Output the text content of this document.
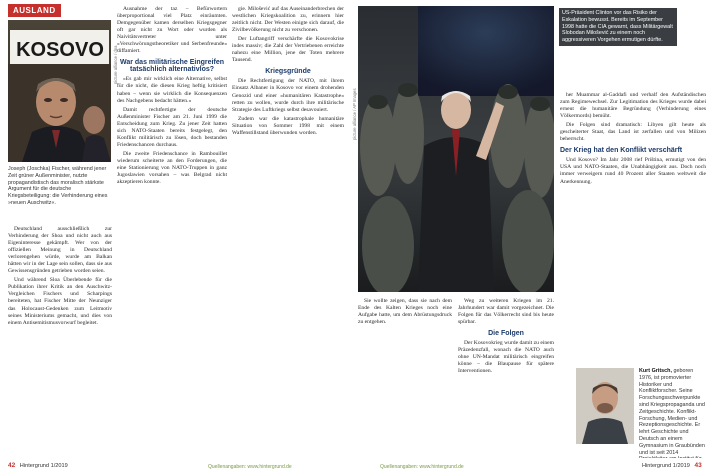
AUSLAND
KOSOVO picture alliance / dpa
Joseph (Joschka) Fischer, während jener Zeit grüner Außenminister, nutzte propagandistisch das moralisch stärkste Argument für die deutsche Kriegsbeteiligung: die Verhinderung eines »neuen Auschwitz«.

Deutschland ausschließlich zur Verhinderung der Shoa und nicht auch aus Eigeninteresse gekämpft. Wer von der offiziellen Meinung in Deutschland verlorengehen würde, wurde am Balkan hätten wir in der Lage sein sollen, dass sie aus Gewissensgründen getrieben worden seien.

Und während Sloa Überlebende für die Publikation ihrer Kritik an den Auschwitz-Vergleichen Fischers und Scharpings bereiteten, hat Fischer Mitte der Neunziger das Holocaust-Gedenken zum Leitmotiv seines Ministeriums gemacht, und dies von einem Antisemitismusvorwurf begleitet.

Ausnahme der taz – Befürwortern überproportional viel Platz einräumten. Demgegenüber kamen derselben Kriegsgegner oft gar nicht zu Wort oder wurden als Naivitätsvertreter unter »Verschwörungstheoretiker und Serbenfreunde« diffamiert.

War das militärische Eingreifen
tatsächlich alternativlos?

»Es gab mir wirklich eine Alternative, selbst für die nicht, die diesen Krieg heftig kritisiert haben – wenn sie wirklich die Konsequenzen des Nachgebens bedacht hätten.«

Damit rechtfertigte der deutsche Außenminister Fischer am 21. Juni 1999 die Entscheidung zum Krieg. Zu jener Zeit hatten sich NATO-Staaten bereits festgelegt, den Konflikt militärisch zu lösen, doch bestanden Friedenschancen durchaus.

Die zweite Friedenschance in Rambouillet wiederum scheiterte an den Forderungen, die eine Stationierung von NATO-Truppen in ganz Jugoslawien vorsahen – was Belgrad nicht akzeptieren konnte.

gie. Milošević auf das Auseinanderbrechen der westlichen Kriegskoalition zu, erinnern hier zeitlich nicht. Der Westen einigte sich darauf, die Zivilbevölkerung nicht zu verschonen.

Der Luftangriff verschärfte die Kosovokrise indes massiv; die Zahl der Vertriebenen erreichte nahezu eine Million, jene der Toten mehrere Tausend.

Kriegsgründe

Die Rechtfertigung der NATO, mit ihrem Einsatz Albaner in Kosovo vor einem drohenden Genozid und einer »humanitären Katastrophe« retten zu wollen, wurde durch ihre militärische Strategie des Luftkriegs selbst desavouiert.

Zudem war die katastrophale humanitäre Situation von Sommer 1998 mit einem Waffenstillstand überwunden worden.	picture alliance / AP Images
US-Präsident Clinton vor das Risiko der Eskalation bewusst. Bereits im September 1998 hatte die CIA gewarnt, dass Militärgewalt Slobodan Milošević zu einem noch aggressiveren Vorgehen ermutigen dürfte.

Sie wollte zeigen, dass sie nach dem Ende des Kalten Krieges noch eine Aufgabe hatte, um dem Abrüstungsdruck zu entgehen.

Weg zu weiteren Kriegen im 21. Jahrhundert war damit vorgezeichnet. Die Folgen für das Völkerrecht sind bis heute spürbar.

Die Folgen

Der Kosovokrieg wurde damit zu einem Präzedenzfall, wonach die NATO auch ohne UN-Mandat militärisch eingreifen könne – die Blaupause für spätere Interventionen.

her Muammar al-Gaddafi und verhalf den Aufständischen zum Regimewechsel. Zur Legitimation des Krieges wurde dabei erneut die humanitäre Begründung (Verhinderung eines Völkermords) bemüht.

Die Folgen sind dramatisch: Libyen gilt heute als gescheiterter Staat, das Land ist zerfallen und von Milizen beherrscht.

Der Krieg hat den Konflikt verschärft

Und Kosovo? Im Jahr 2008 rief Priština, ermutigt von den USA und NATO-Staaten, die Unabhängigkeit aus. Doch noch immer verweigern rund 40 Prozent aller Staaten weltweit die Anerkennung.

Kurt Gritsch, geboren 1976, ist promovierter Historiker und Konfliktforscher. Seine Forschungsschwerpunkte sind Kriegspropaganda und Zeitgeschichte. Konflikt-Forschung, Medien- und Rezeptionsgeschichte. Er lehrt Geschichte und Deutsch an einem Gymnasium in Graubünden und ist seit 2014
42 Hintergrund 1/2019	Quellenangaben: www.hintergrund.de	Quellenangaben: www.hintergrund.de	Hintergrund 1/2019 43
